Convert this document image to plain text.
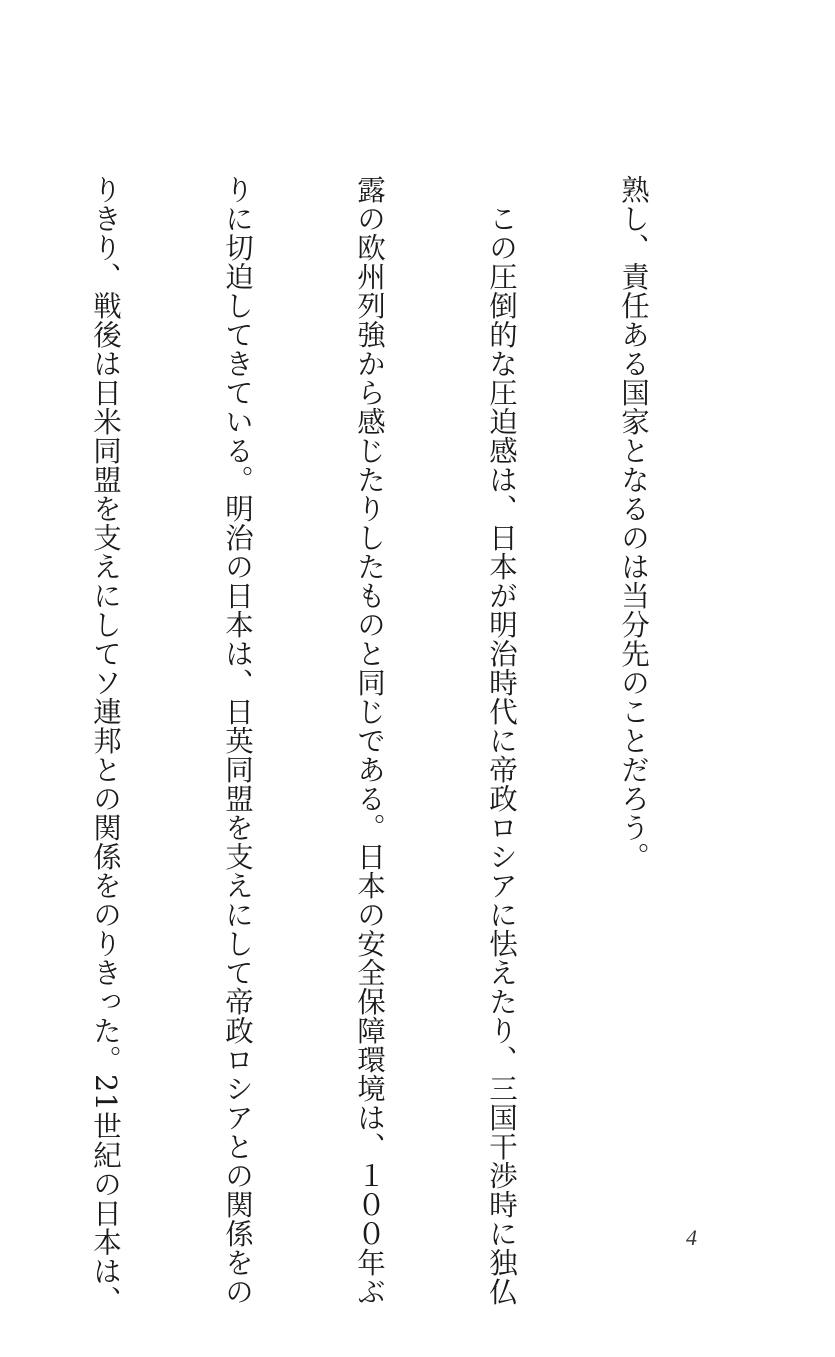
熟し、責任ある国家となるのは当分先のことだろう。

　この圧倒的な圧迫感は、日本が明治時代に帝政ロシアに怯えたり、三国干渉時に独仏

露の欧州列強から感じたりしたものと同じである。日本の安全保障環境は、１００年ぶ

りに切迫してきている。明治の日本は、日英同盟を支えにして帝政ロシアとの関係をの

りきり、戦後は日米同盟を支えにしてソ連邦との関係をのりきった。21世紀の日本は、

	4
